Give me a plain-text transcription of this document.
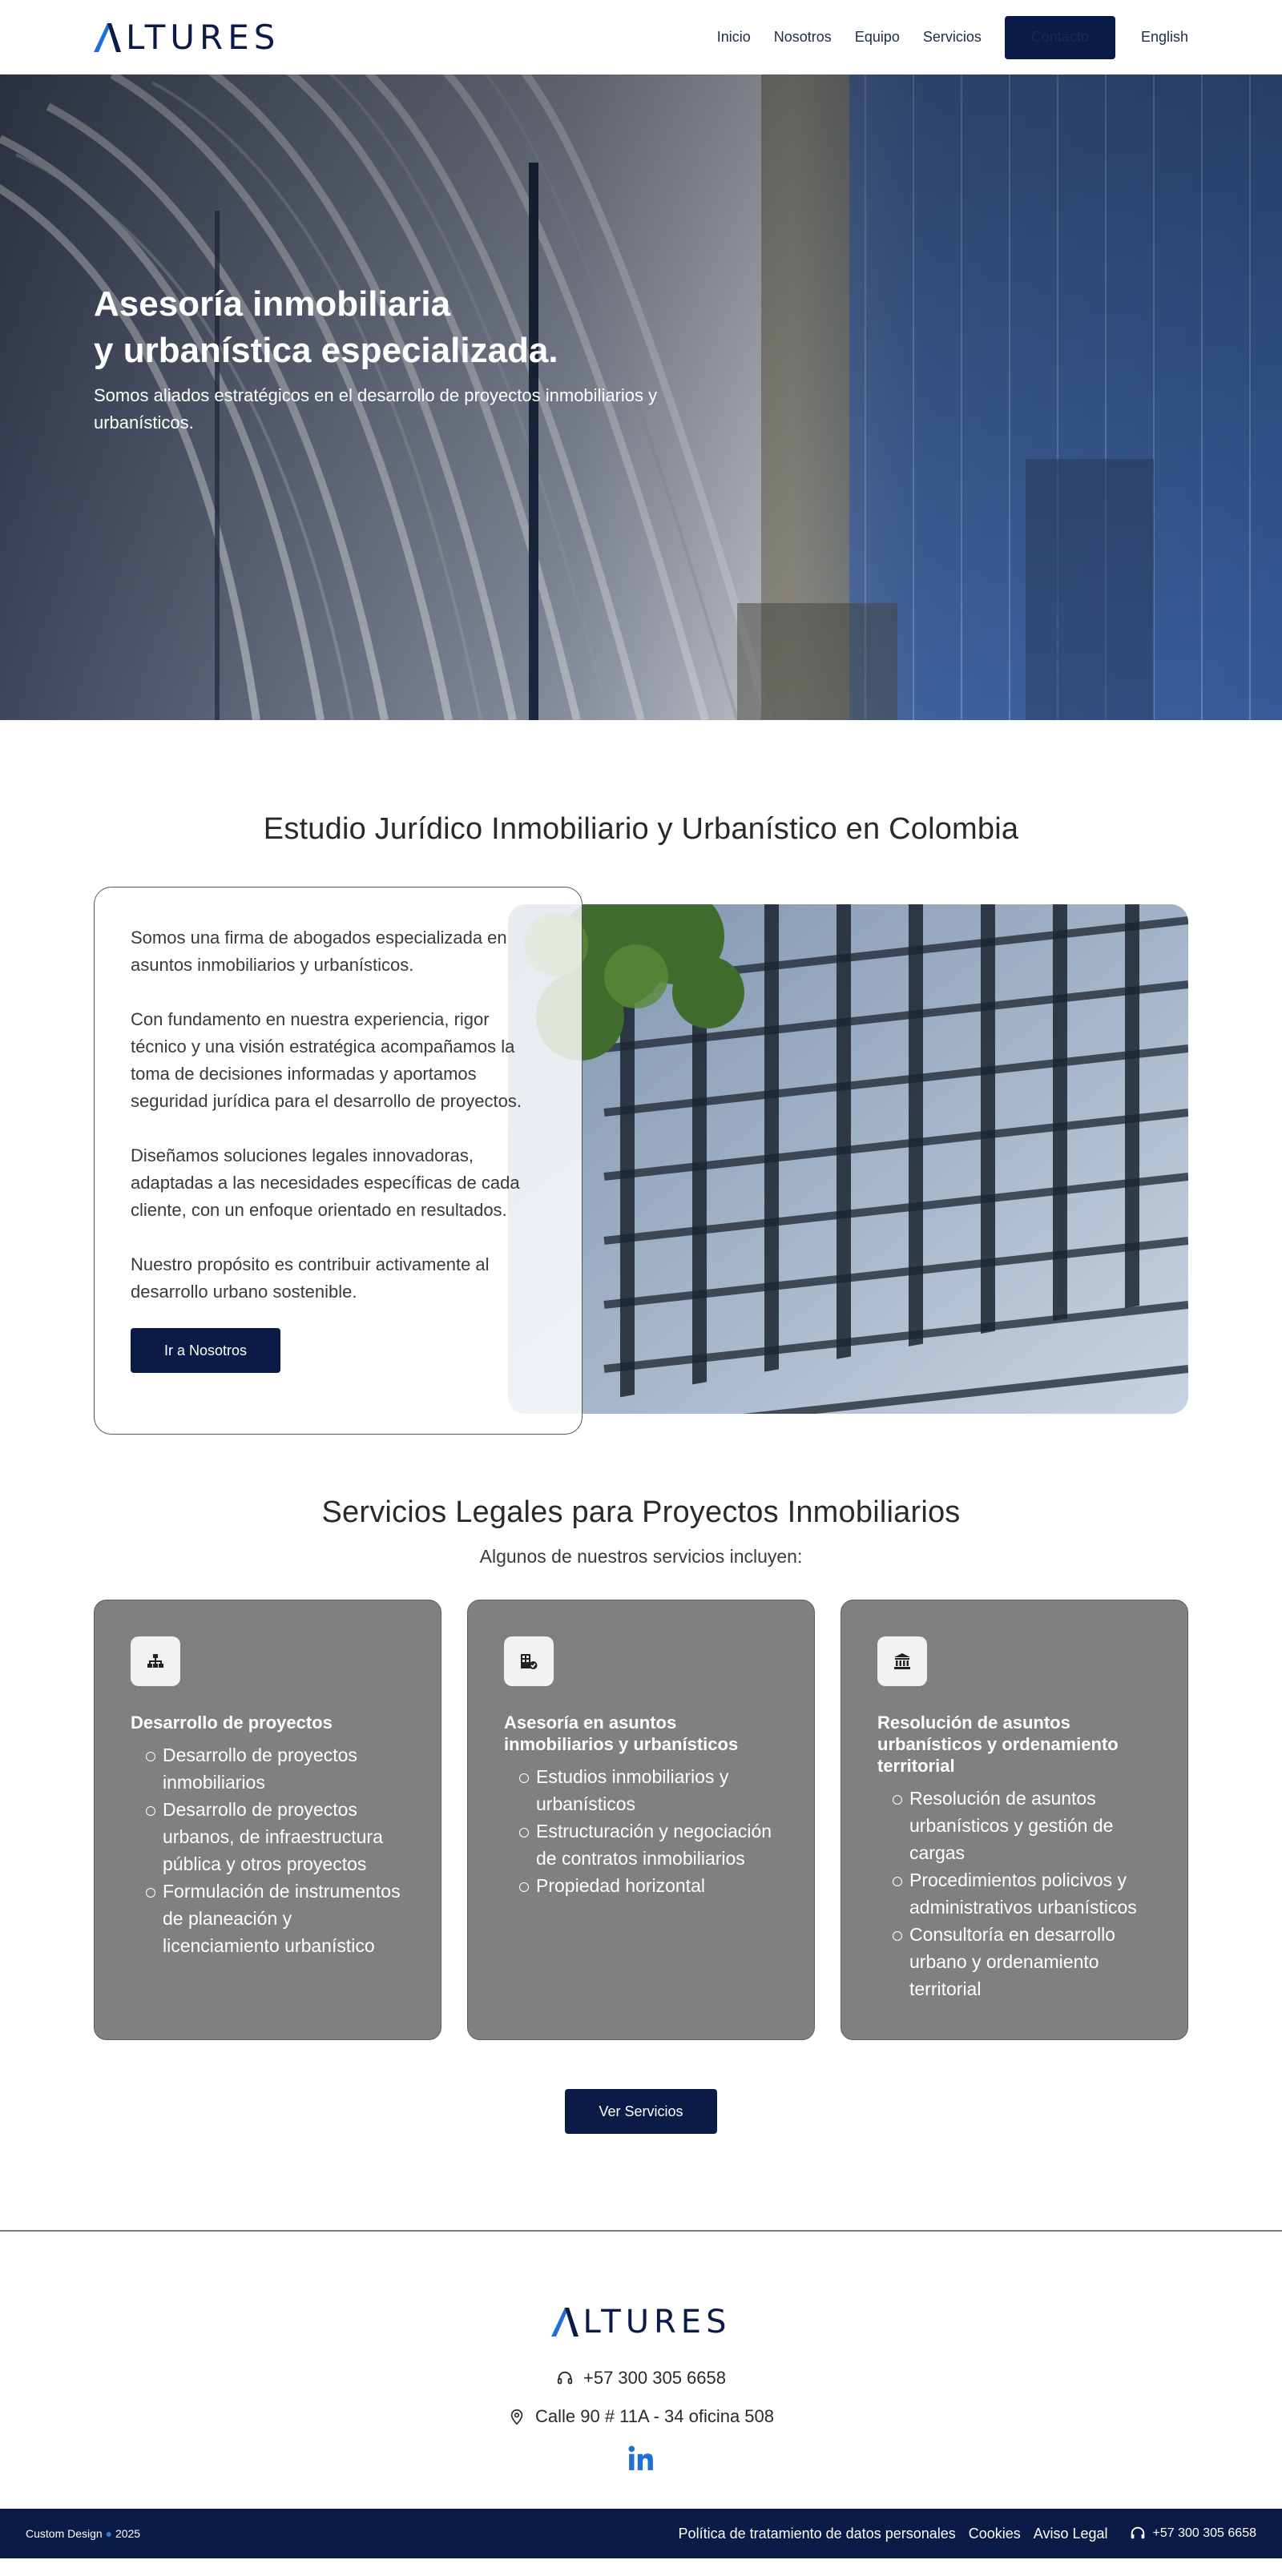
LTURES	Inicio Nosotros Equipo Servicios	Contacto	English
Asesoría inmobiliaria
y urbanística especializada.

Somos aliados estratégicos en el desarrollo de proyectos inmobiliarios y urbanísticos.

Estudio Jurídico Inmobiliario y Urbanístico en Colombia

Somos una firma de abogados especializada en asuntos inmobiliarios y urbanísticos.

Con fundamento en nuestra experiencia, rigor técnico y una visión estratégica acompañamos la toma de decisiones informadas y aportamos seguridad jurídica para el desarrollo de proyectos.

Diseñamos soluciones legales innovadoras, adaptadas a las necesidades específicas de cada cliente, con un enfoque orientado en resultados.

Nuestro propósito es contribuir activamente al desarrollo urbano sostenible.

Ir a Nosotros
Servicios Legales para Proyectos Inmobiliarios

Algunos de nuestros servicios incluyen:

Desarrollo de proyectos
Desarrollo de proyectos inmobiliarios
Desarrollo de proyectos urbanos, de infraestructura pública y otros proyectos
Formulación de instrumentos de planeación y licenciamiento urbanístico
Asesoría en asuntos inmobiliarios y urbanísticos
Estudios inmobiliarios y urbanísticos
Estructuración y negociación de contratos inmobiliarios
Propiedad horizontal
Resolución de asuntos urbanísticos y ordenamiento territorial
Resolución de asuntos urbanísticos y gestión de cargas
Procedimientos policivos y administrativos urbanísticos
Consultoría en desarrollo urbano y ordenamiento territorial
Ver Servicios
LTURES
+57 300 305 6658
Calle 90 # 11A - 34 oficina 508
Custom Design ● 2025	Política de tratamiento de datos personales Cookies Aviso Legal	+57 300 305 6658
